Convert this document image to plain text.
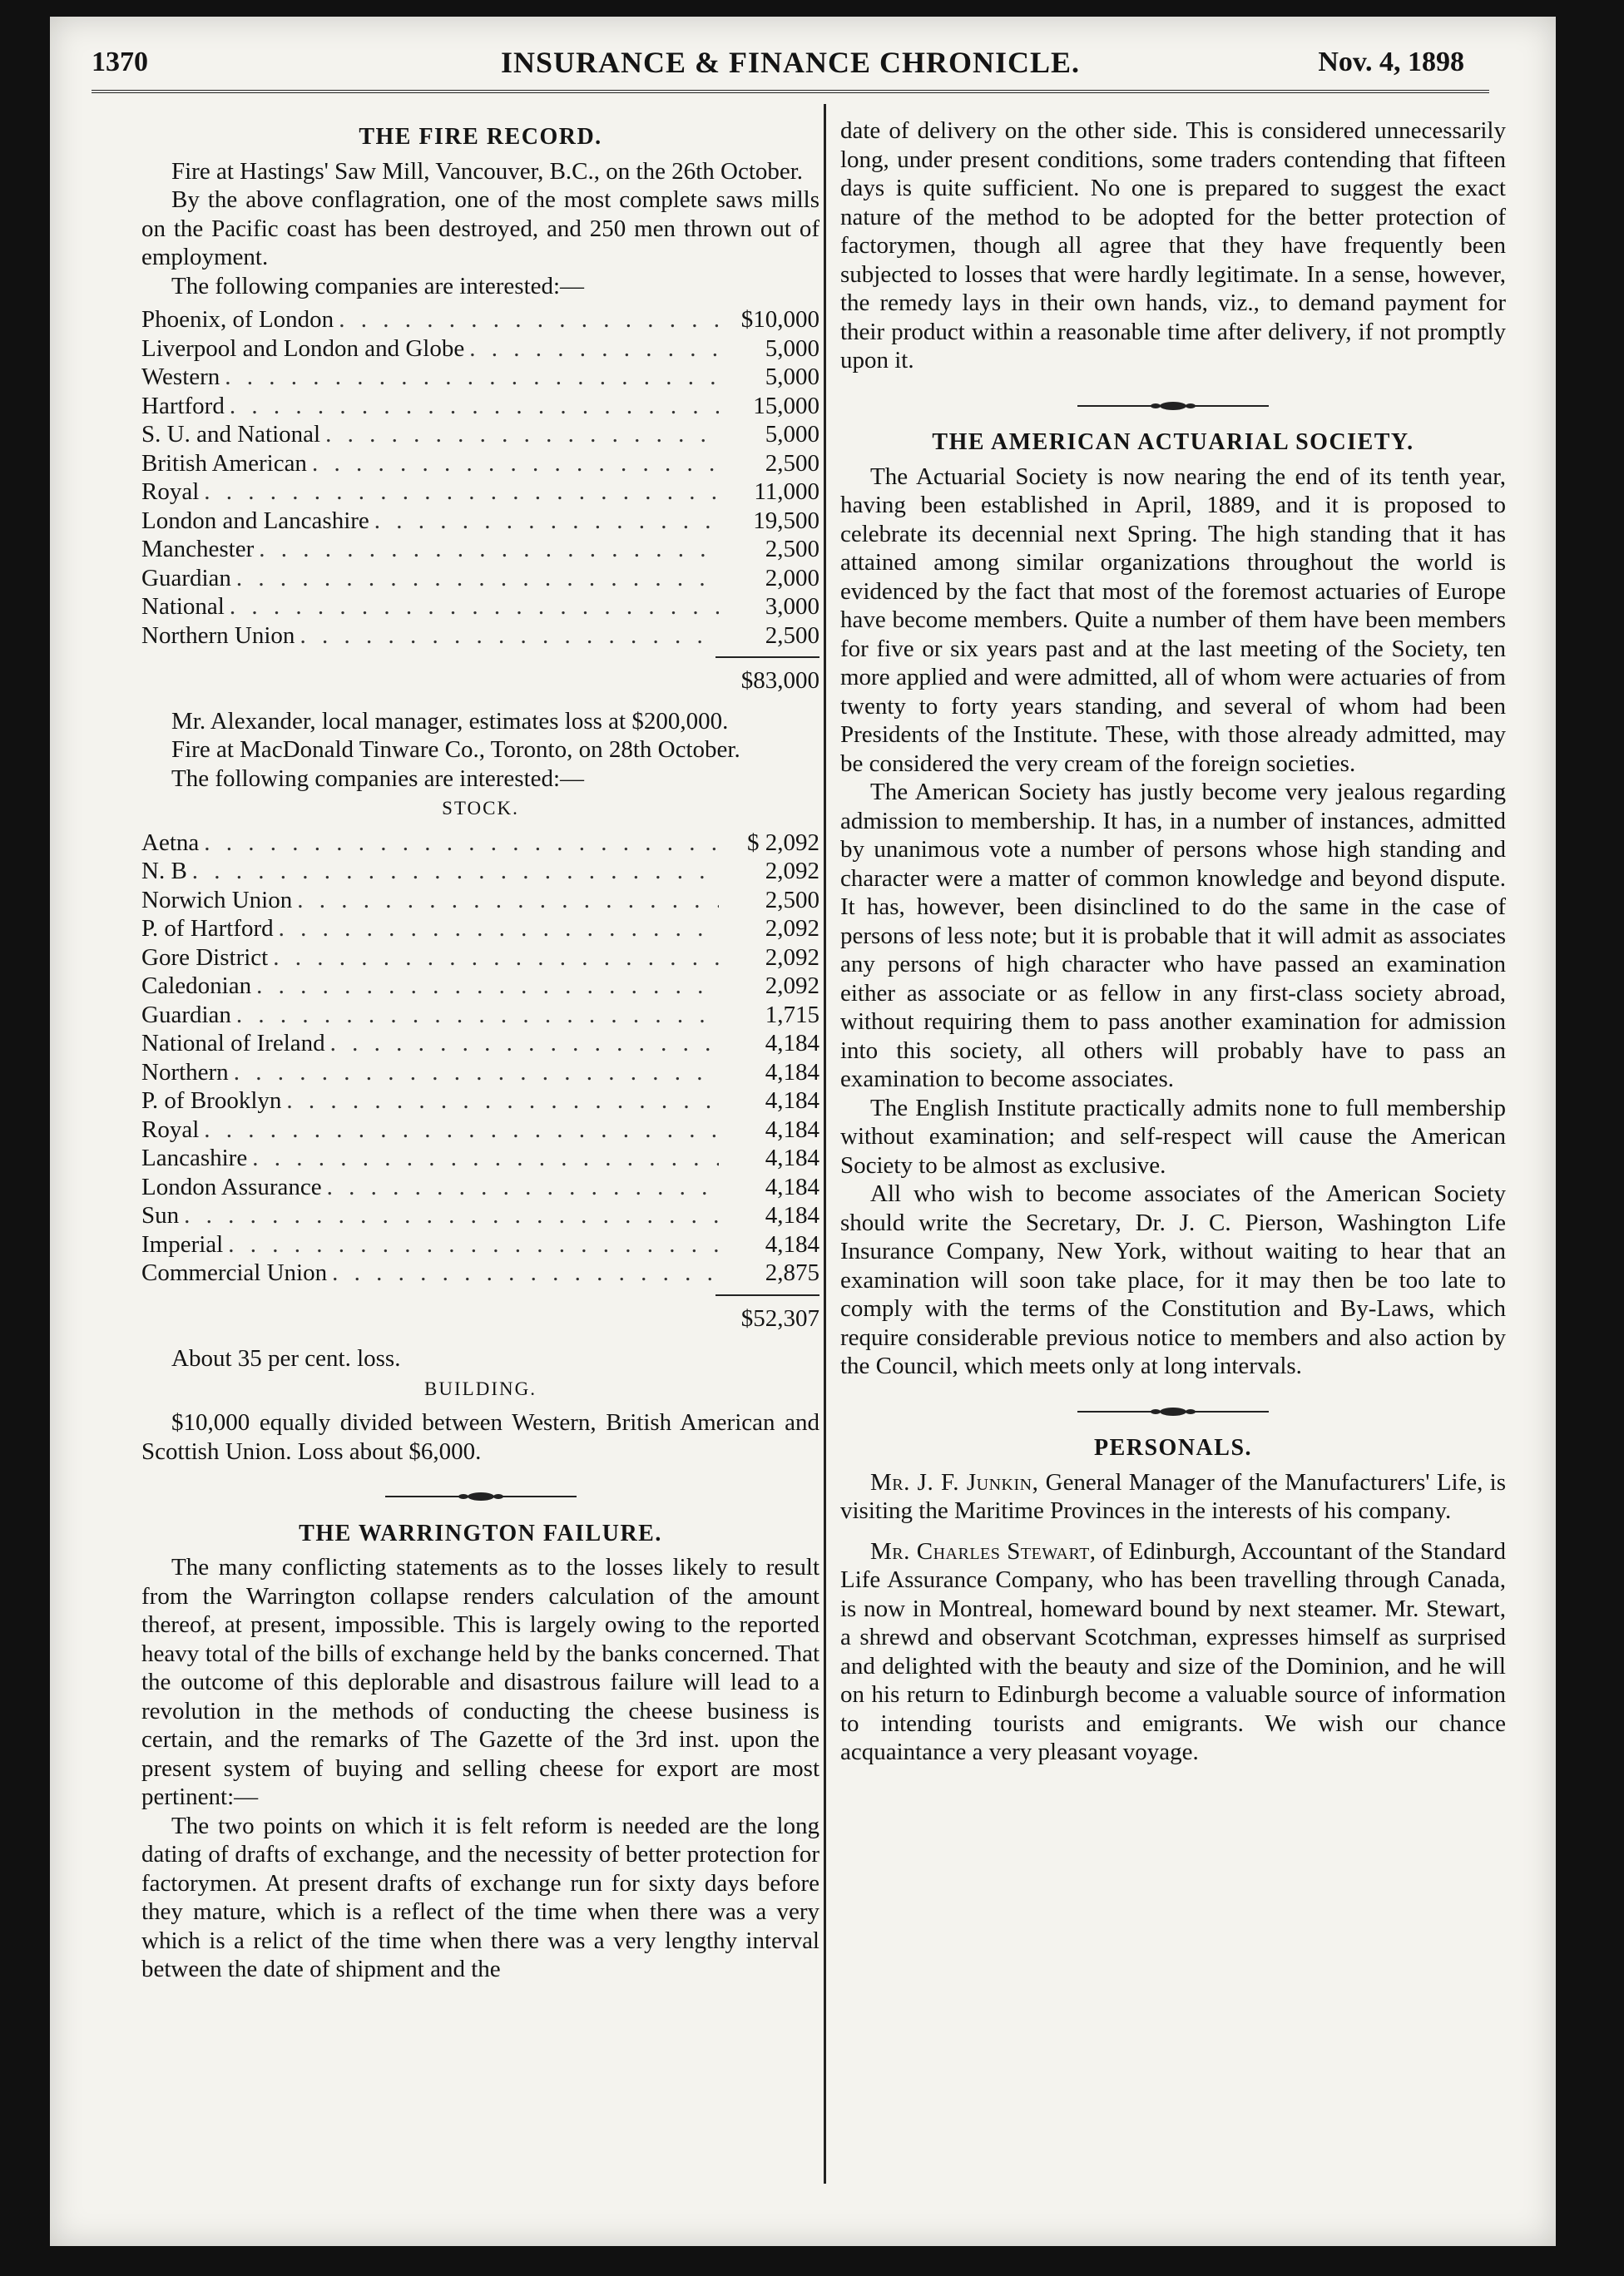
1370	INSURANCE & FINANCE CHRONICLE.	Nov. 4, 1898
THE FIRE RECORD.

Fire at Hastings' Saw Mill, Vancouver, B.C., on the 26th October.

By the above conflagration, one of the most complete saws mills on the Pacific coast has been destroyed, and 250 men thrown out of employment.

The following companies are interested:—

Phoenix, of London . . .	$10,000
Liverpool and London and Globe . . .	5,000
Western . . .	5,000
Hartford . . .	15,000
S. U. and National . . .	5,000
British American . . .	2,500
Royal . . .	11,000
London and Lancashire . . .	19,500
Manchester . . .	2,500
Guardian . . .	2,000
National . . .	3,000
Northern Union . . .	2,500
$83,000

Mr. Alexander, local manager, estimates loss at $200,000.

Fire at MacDonald Tinware Co., Toronto, on 28th October.

The following companies are interested:—

STOCK.
Aetna . . .	$ 2,092
N. B . . .	2,092
Norwich Union . . .	2,500
P. of Hartford . . .	2,092
Gore District . . .	2,092
Caledonian . . .	2,092
Guardian . . .	1,715
National of Ireland . . .	4,184
Northern . . .	4,184
P. of Brooklyn . . .	4,184
Royal . . .	4,184
Lancashire . . .	4,184
London Assurance . . .	4,184
Sun . . .	4,184
Imperial . . .	4,184
Commercial Union . . .	2,875
$52,307

About 35 per cent. loss.

BUILDING.

$10,000 equally divided between Western, British American and Scottish Union. Loss about $6,000.

THE WARRINGTON FAILURE.

The many conflicting statements as to the losses likely to result from the Warrington collapse renders calculation of the amount thereof, at present, impossible. This is largely owing to the reported heavy total of the bills of exchange held by the banks concerned. That the outcome of this deplorable and disastrous failure will lead to a revolution in the methods of conducting the cheese business is certain, and the remarks of The Gazette of the 3rd inst. upon the present system of buying and selling cheese for export are most pertinent:—

The two points on which it is felt reform is needed are the long dating of drafts of exchange, and the necessity of better protection for factorymen. At present drafts of exchange run for sixty days before they mature, which is a reflect of the time when there was a very which is a relict of the time when there was a very lengthy interval between the date of shipment and the

date of delivery on the other side. This is considered unnecessarily long, under present conditions, some traders contending that fifteen days is quite sufficient. No one is prepared to suggest the exact nature of the method to be adopted for the better protection of factorymen, though all agree that they have frequently been subjected to losses that were hardly legitimate. In a sense, however, the remedy lays in their own hands, viz., to demand payment for their product within a reasonable time after delivery, if not promptly upon it.

THE AMERICAN ACTUARIAL SOCIETY.

The Actuarial Society is now nearing the end of its tenth year, having been established in April, 1889, and it is proposed to celebrate its decennial next Spring. The high standing that it has attained among similar organizations throughout the world is evidenced by the fact that most of the foremost actuaries of Europe have become members. Quite a number of them have been members for five or six years past and at the last meeting of the Society, ten more applied and were admitted, all of whom were actuaries of from twenty to forty years standing, and several of whom had been Presidents of the Institute. These, with those already admitted, may be considered the very cream of the foreign societies.

The American Society has justly become very jealous regarding admission to membership. It has, in a number of instances, admitted by unanimous vote a number of persons whose high standing and character were a matter of common knowledge and beyond dispute. It has, however, been disinclined to do the same in the case of persons of less note; but it is probable that it will admit as associates any persons of high character who have passed an examination either as associate or as fellow in any first-class society abroad, without requiring them to pass another examination for admission into this society, all others will probably have to pass an examination to become associates.

The English Institute practically admits none to full membership without examination; and self-respect will cause the American Society to be almost as exclusive.

All who wish to become associates of the American Society should write the Secretary, Dr. J. C. Pierson, Washington Life Insurance Company, New York, without waiting to hear that an examination will soon take place, for it may then be too late to comply with the terms of the Constitution and By-Laws, which require considerable previous notice to members and also action by the Council, which meets only at long intervals.

PERSONALS.

Mr. J. F. Junkin, General Manager of the Manufacturers' Life, is visiting the Maritime Provinces in the interests of his company.

Mr. Charles Stewart, of Edinburgh, Accountant of the Standard Life Assurance Company, who has been travelling through Canada, is now in Montreal, homeward bound by next steamer. Mr. Stewart, a shrewd and observant Scotchman, expresses himself as surprised and delighted with the beauty and size of the Dominion, and he will on his return to Edinburgh become a valuable source of information to intending tourists and emigrants. We wish our chance acquaintance a very pleasant voyage.
